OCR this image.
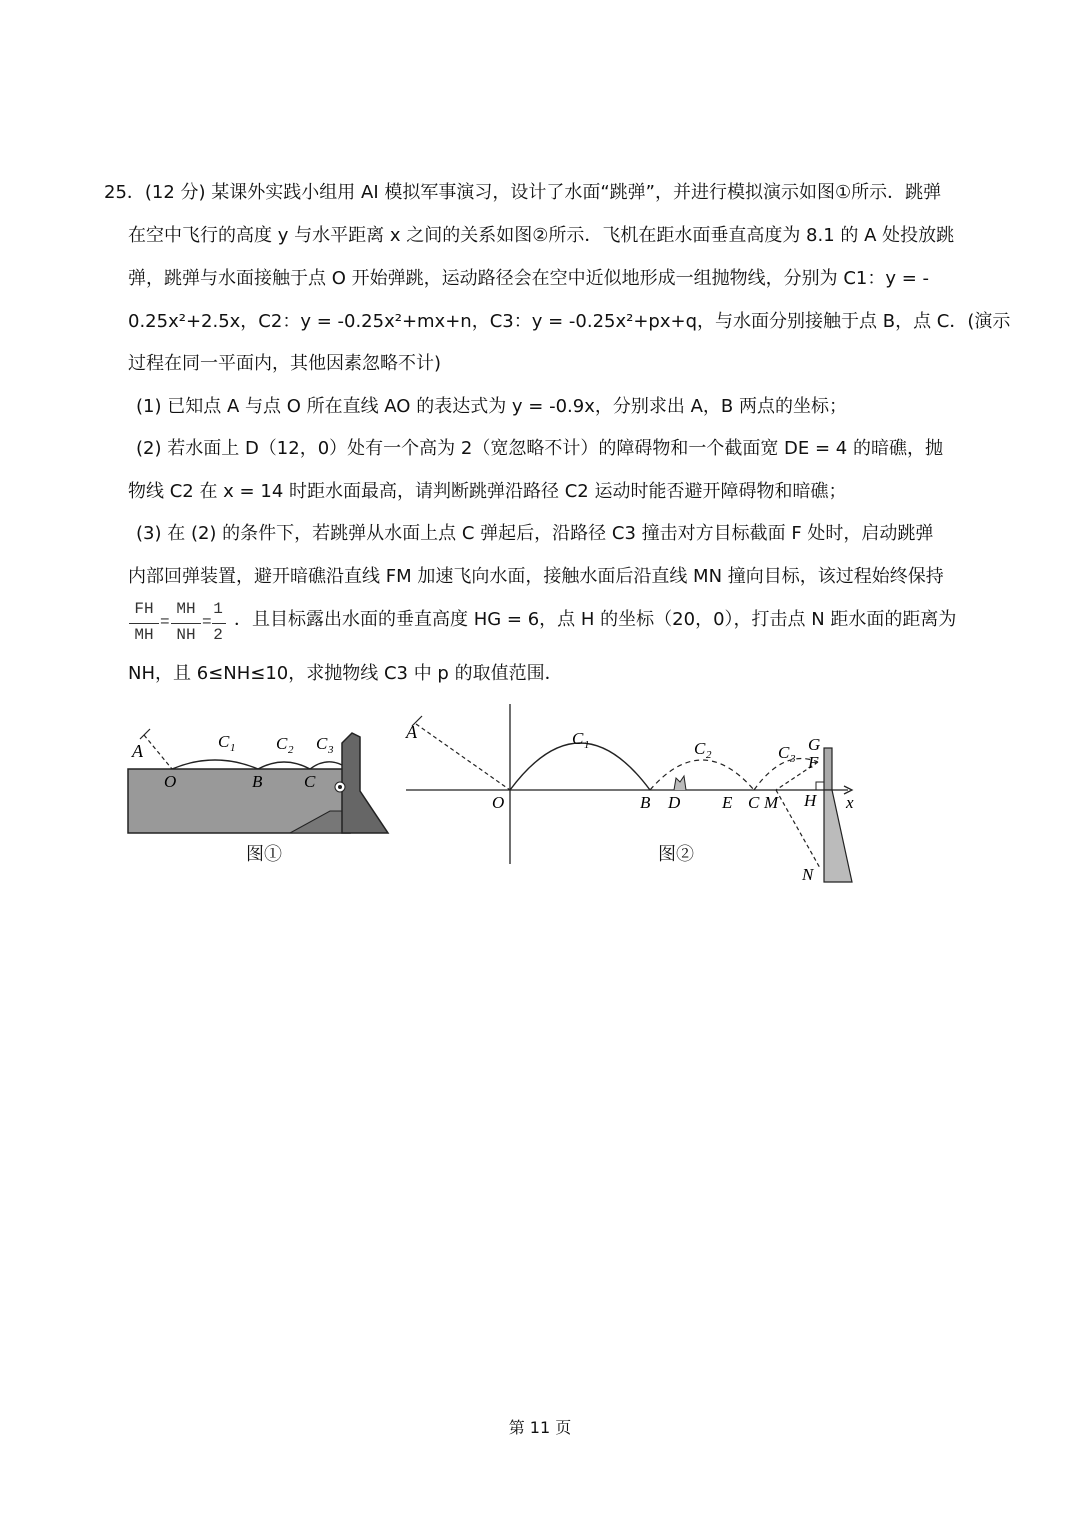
25．(12 分) 某课外实践小组用 AI 模拟军事演习，设计了水面“跳弹”，并进行模拟演示如图①所示．跳弹
在空中飞行的高度 y 与水平距离 x 之间的关系如图②所示．飞机在距水面垂直高度为 8.1 的 A 处投放跳
弹，跳弹与水面接触于点 O 开始弹跳，运动路径会在空中近似地形成一组抛物线，分别为 C1：y = -
0.25x²+2.5x，C2：y = -0.25x²+mx+n，C3：y = -0.25x²+px+q，与水面分别接触于点 B，点 C．(演示
过程在同一平面内，其他因素忽略不计)
(1) 已知点 A 与点 O 所在直线 AO 的表达式为 y = -0.9x，分别求出 A，B 两点的坐标；
(2) 若水面上 D（12，0）处有一个高为 2（宽忽略不计）的障碍物和一个截面宽 DE = 4 的暗礁，抛
物线 C2 在 x = 14 时距水面最高，请判断跳弹沿路径 C2 运动时能否避开障碍物和暗礁；
(3) 在 (2) 的条件下，若跳弹从水面上点 C 弹起后，沿路径 C3 撞击对方目标截面 F 处时，启动跳弹
内部回弹装置，避开暗礁沿直线 FM 加速飞向水面，接触水面后沿直线 MN 撞向目标，该过程始终保持
FH
MH
=
MH
NH
=
1
2
．且目标露出水面的垂直高度 HG = 6，点 H 的坐标（20，0），打击点 N 距水面的距离为
NH，且 6≤NH≤10，求抛物线 C3 中 p 的取值范围．
A
O	B C
C 1 C 2 C 3
图①
A
O	B D E C M H x
G
F
N
C 1	C 2	C 3
图②
第 11 页
